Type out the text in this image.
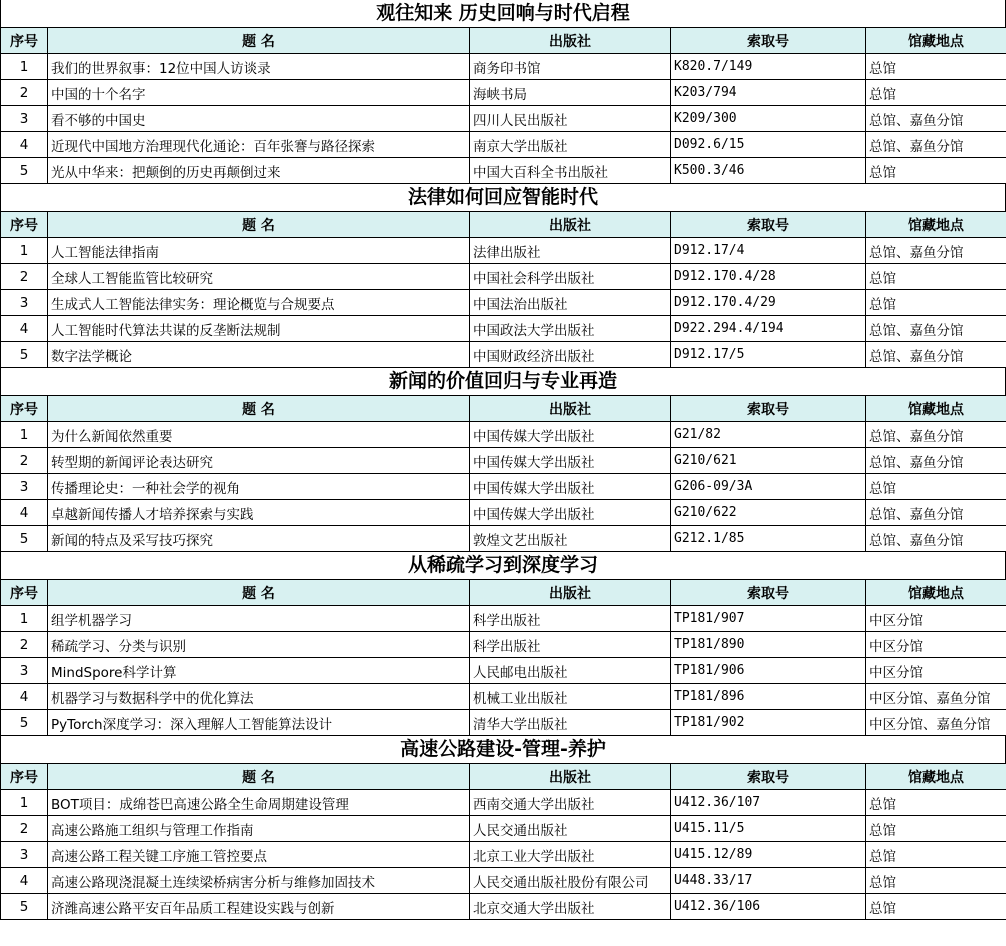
观往知来 历史回响与时代启程
序号	题 名	出版社	索取号	馆藏地点
1	我们的世界叙事：12位中国人访谈录	商务印书馆	K820.7/149	总馆
2	中国的十个名字	海峡书局	K203/794	总馆
3	看不够的中国史	四川人民出版社	K209/300	总馆、嘉鱼分馆
4	近现代中国地方治理现代化通论：百年张謇与路径探索	南京大学出版社	D092.6/15	总馆、嘉鱼分馆
5	光从中华来：把颠倒的历史再颠倒过来	中国大百科全书出版社	K500.3/46	总馆
法律如何回应智能时代
序号	题 名	出版社	索取号	馆藏地点
1	人工智能法律指南	法律出版社	D912.17/4	总馆、嘉鱼分馆
2	全球人工智能监管比较研究	中国社会科学出版社	D912.170.4/28	总馆
3	生成式人工智能法律实务：理论概览与合规要点	中国法治出版社	D912.170.4/29	总馆
4	人工智能时代算法共谋的反垄断法规制	中国政法大学出版社	D922.294.4/194	总馆、嘉鱼分馆
5	数字法学概论	中国财政经济出版社	D912.17/5	总馆、嘉鱼分馆
新闻的价值回归与专业再造
序号	题 名	出版社	索取号	馆藏地点
1	为什么新闻依然重要	中国传媒大学出版社	G21/82	总馆、嘉鱼分馆
2	转型期的新闻评论表达研究	中国传媒大学出版社	G210/621	总馆、嘉鱼分馆
3	传播理论史：一种社会学的视角	中国传媒大学出版社	G206-09/3A	总馆
4	卓越新闻传播人才培养探索与实践	中国传媒大学出版社	G210/622	总馆、嘉鱼分馆
5	新闻的特点及采写技巧探究	敦煌文艺出版社	G212.1/85	总馆、嘉鱼分馆
从稀疏学习到深度学习
序号	题 名	出版社	索取号	馆藏地点
1	组学机器学习	科学出版社	TP181/907	中区分馆
2	稀疏学习、分类与识别	科学出版社	TP181/890	中区分馆
3	MindSpore科学计算	人民邮电出版社	TP181/906	中区分馆
4	机器学习与数据科学中的优化算法	机械工业出版社	TP181/896	中区分馆、嘉鱼分馆
5	PyTorch深度学习：深入理解人工智能算法设计	清华大学出版社	TP181/902	中区分馆、嘉鱼分馆
高速公路建设-管理-养护
序号	题 名	出版社	索取号	馆藏地点
1	BOT项目：成绵苍巴高速公路全生命周期建设管理	西南交通大学出版社	U412.36/107	总馆
2	高速公路施工组织与管理工作指南	人民交通出版社	U415.11/5	总馆
3	高速公路工程关键工序施工管控要点	北京工业大学出版社	U415.12/89	总馆
4	高速公路现浇混凝土连续梁桥病害分析与维修加固技术	人民交通出版社股份有限公司	U448.33/17	总馆
5	济潍高速公路平安百年品质工程建设实践与创新	北京交通大学出版社	U412.36/106	总馆
